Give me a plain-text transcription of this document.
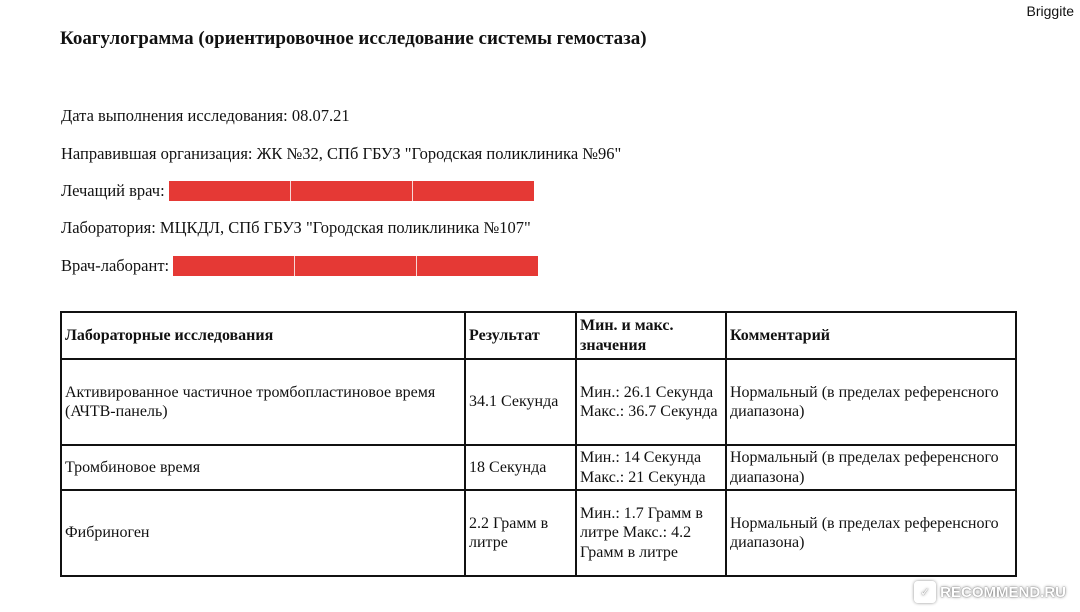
Briggite
Коагулограмма (ориентировочное исследование системы гемостаза)
Дата выполнения исследования: 08.07.21
Направившая организация: ЖК №32, СПб ГБУЗ "Городская поликлиника №96"
Лечащий врач:
Лаборатория: МЦКДЛ, СПб ГБУЗ "Городская поликлиника №107"
Врач-лаборант:
Лабораторные исследования	Результат	Мин. и макс. значения	Комментарий
Активированное частичное тромбопластиновое время (АЧТВ-панель)	34.1 Секунда	Мин.: 26.1 Секунда Макс.: 36.7 Секунда	Нормальный (в пределах референсного диапазона)
Тромбиновое время	18 Секунда	Мин.: 14 Секунда Макс.: 21 Секунда	Нормальный (в пределах референсного диапазона)
Фибриноген	2.2 Грамм в литре	Мин.: 1.7 Грамм в литре Макс.: 4.2 Грамм в литре	Нормальный (в пределах референсного диапазона)
✓ RECOMMEND.RU
